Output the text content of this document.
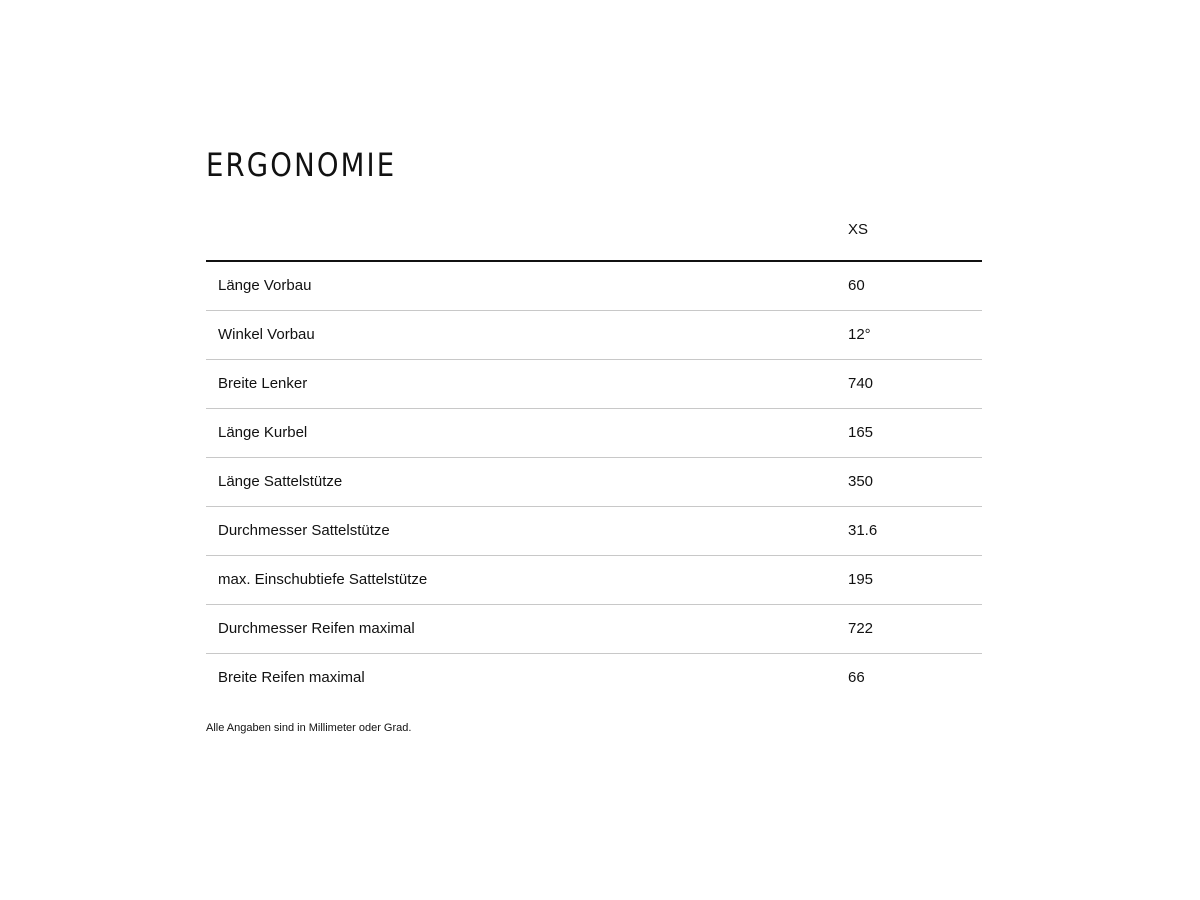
ERGONOMIE
	XS
Länge Vorbau	60
Winkel Vorbau	12°
Breite Lenker	740
Länge Kurbel	165
Länge Sattelstütze	350
Durchmesser Sattelstütze	31.6
max. Einschubtiefe Sattelstütze	195
Durchmesser Reifen maximal	722
Breite Reifen maximal	66
Alle Angaben sind in Millimeter oder Grad.
